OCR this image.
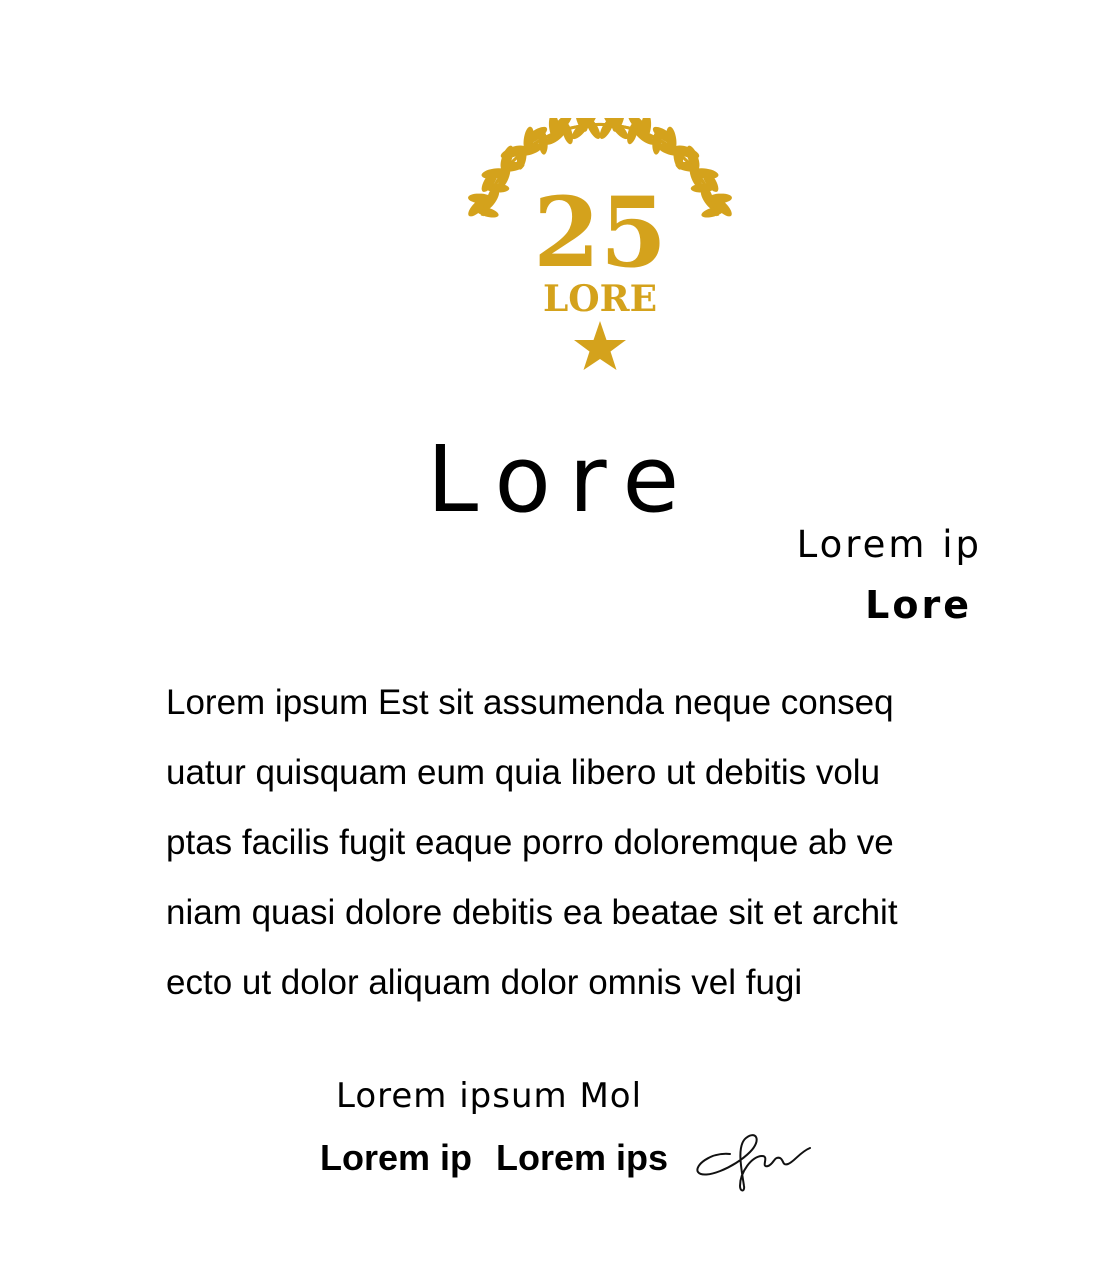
25
LORE
Lore
Lorem ip
Lore
Lorem ipsum Est sit assumenda neque conseq
uatur quisquam eum quia libero ut debitis volu
ptas facilis fugit eaque porro doloremque ab ve
niam quasi dolore debitis ea beatae sit et archit
ecto ut dolor aliquam dolor omnis vel fugi
Lorem ipsum Mol
Lorem ip Lorem ips
